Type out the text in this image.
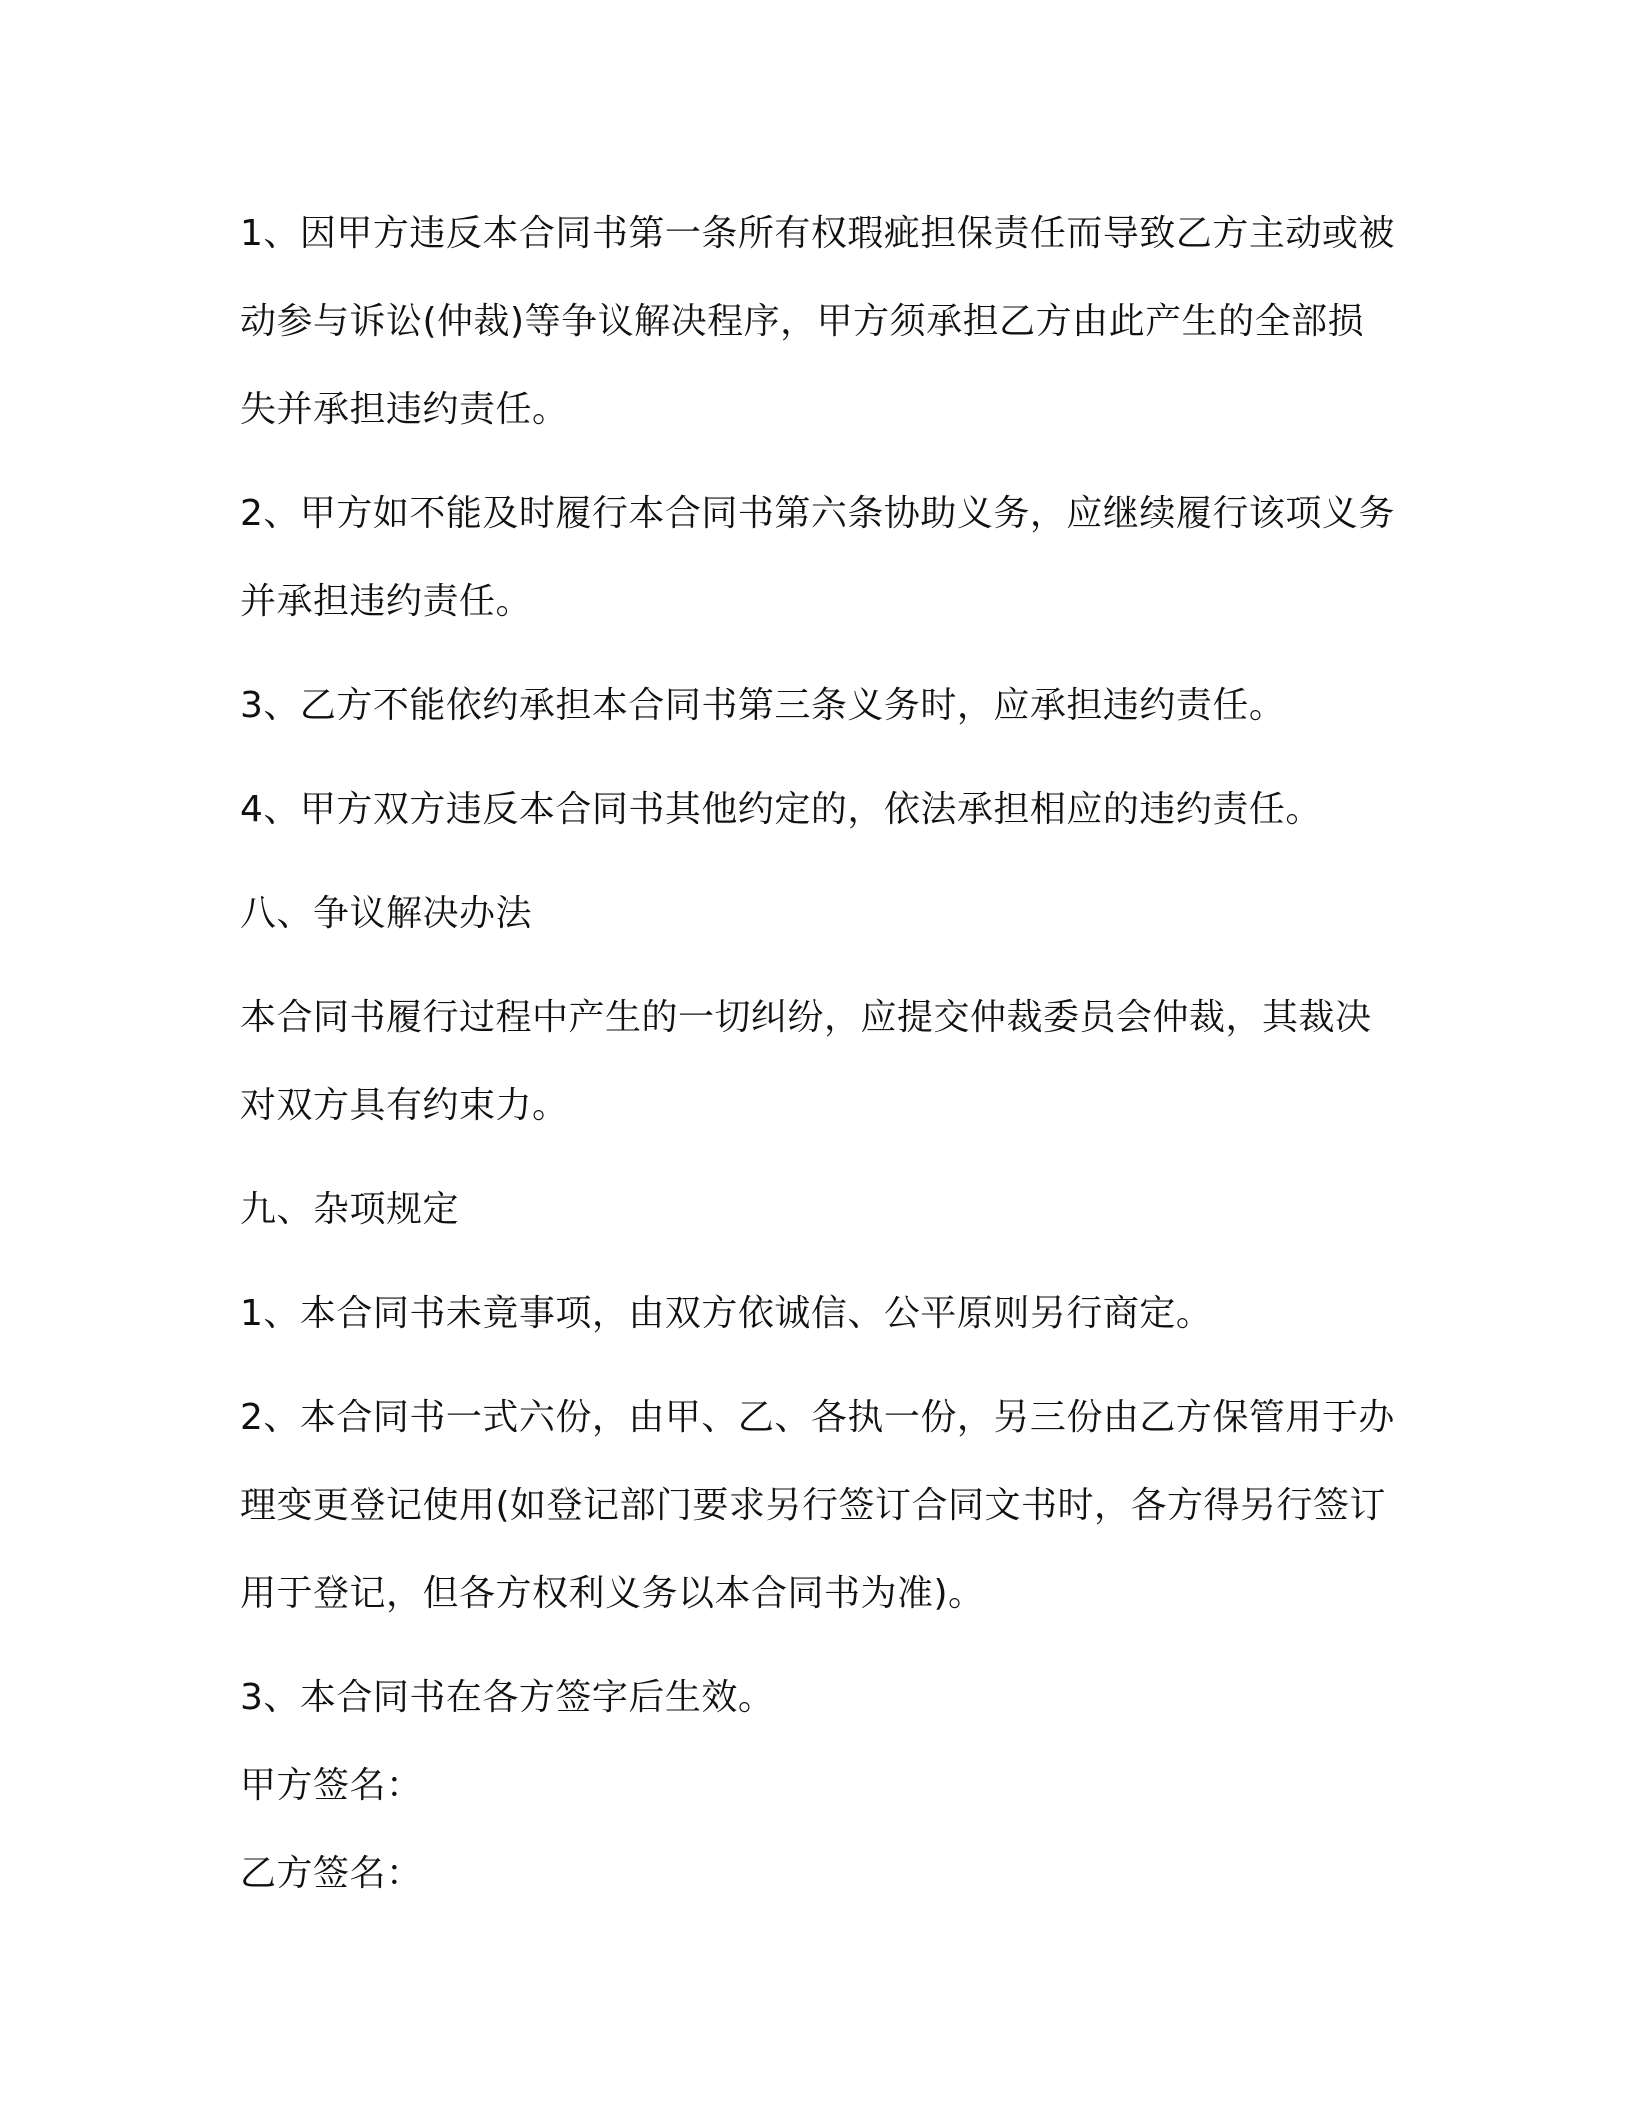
1、因甲方违反本合同书第一条所有权瑕疵担保责任而导致乙方主动或被动参与诉讼(仲裁)等争议解决程序，甲方须承担乙方由此产生的全部损失并承担违约责任。

2、甲方如不能及时履行本合同书第六条协助义务，应继续履行该项义务并承担违约责任。

3、乙方不能依约承担本合同书第三条义务时，应承担违约责任。

4、甲方双方违反本合同书其他约定的，依法承担相应的违约责任。

八、争议解决办法

本合同书履行过程中产生的一切纠纷，应提交仲裁委员会仲裁，其裁决对双方具有约束力。

九、杂项规定

1、本合同书未竟事项，由双方依诚信、公平原则另行商定。

2、本合同书一式六份，由甲、乙、各执一份，另三份由乙方保管用于办理变更登记使用(如登记部门要求另行签订合同文书时，各方得另行签订用于登记，但各方权利义务以本合同书为准)。

3、本合同书在各方签字后生效。

甲方签名：

乙方签名：
